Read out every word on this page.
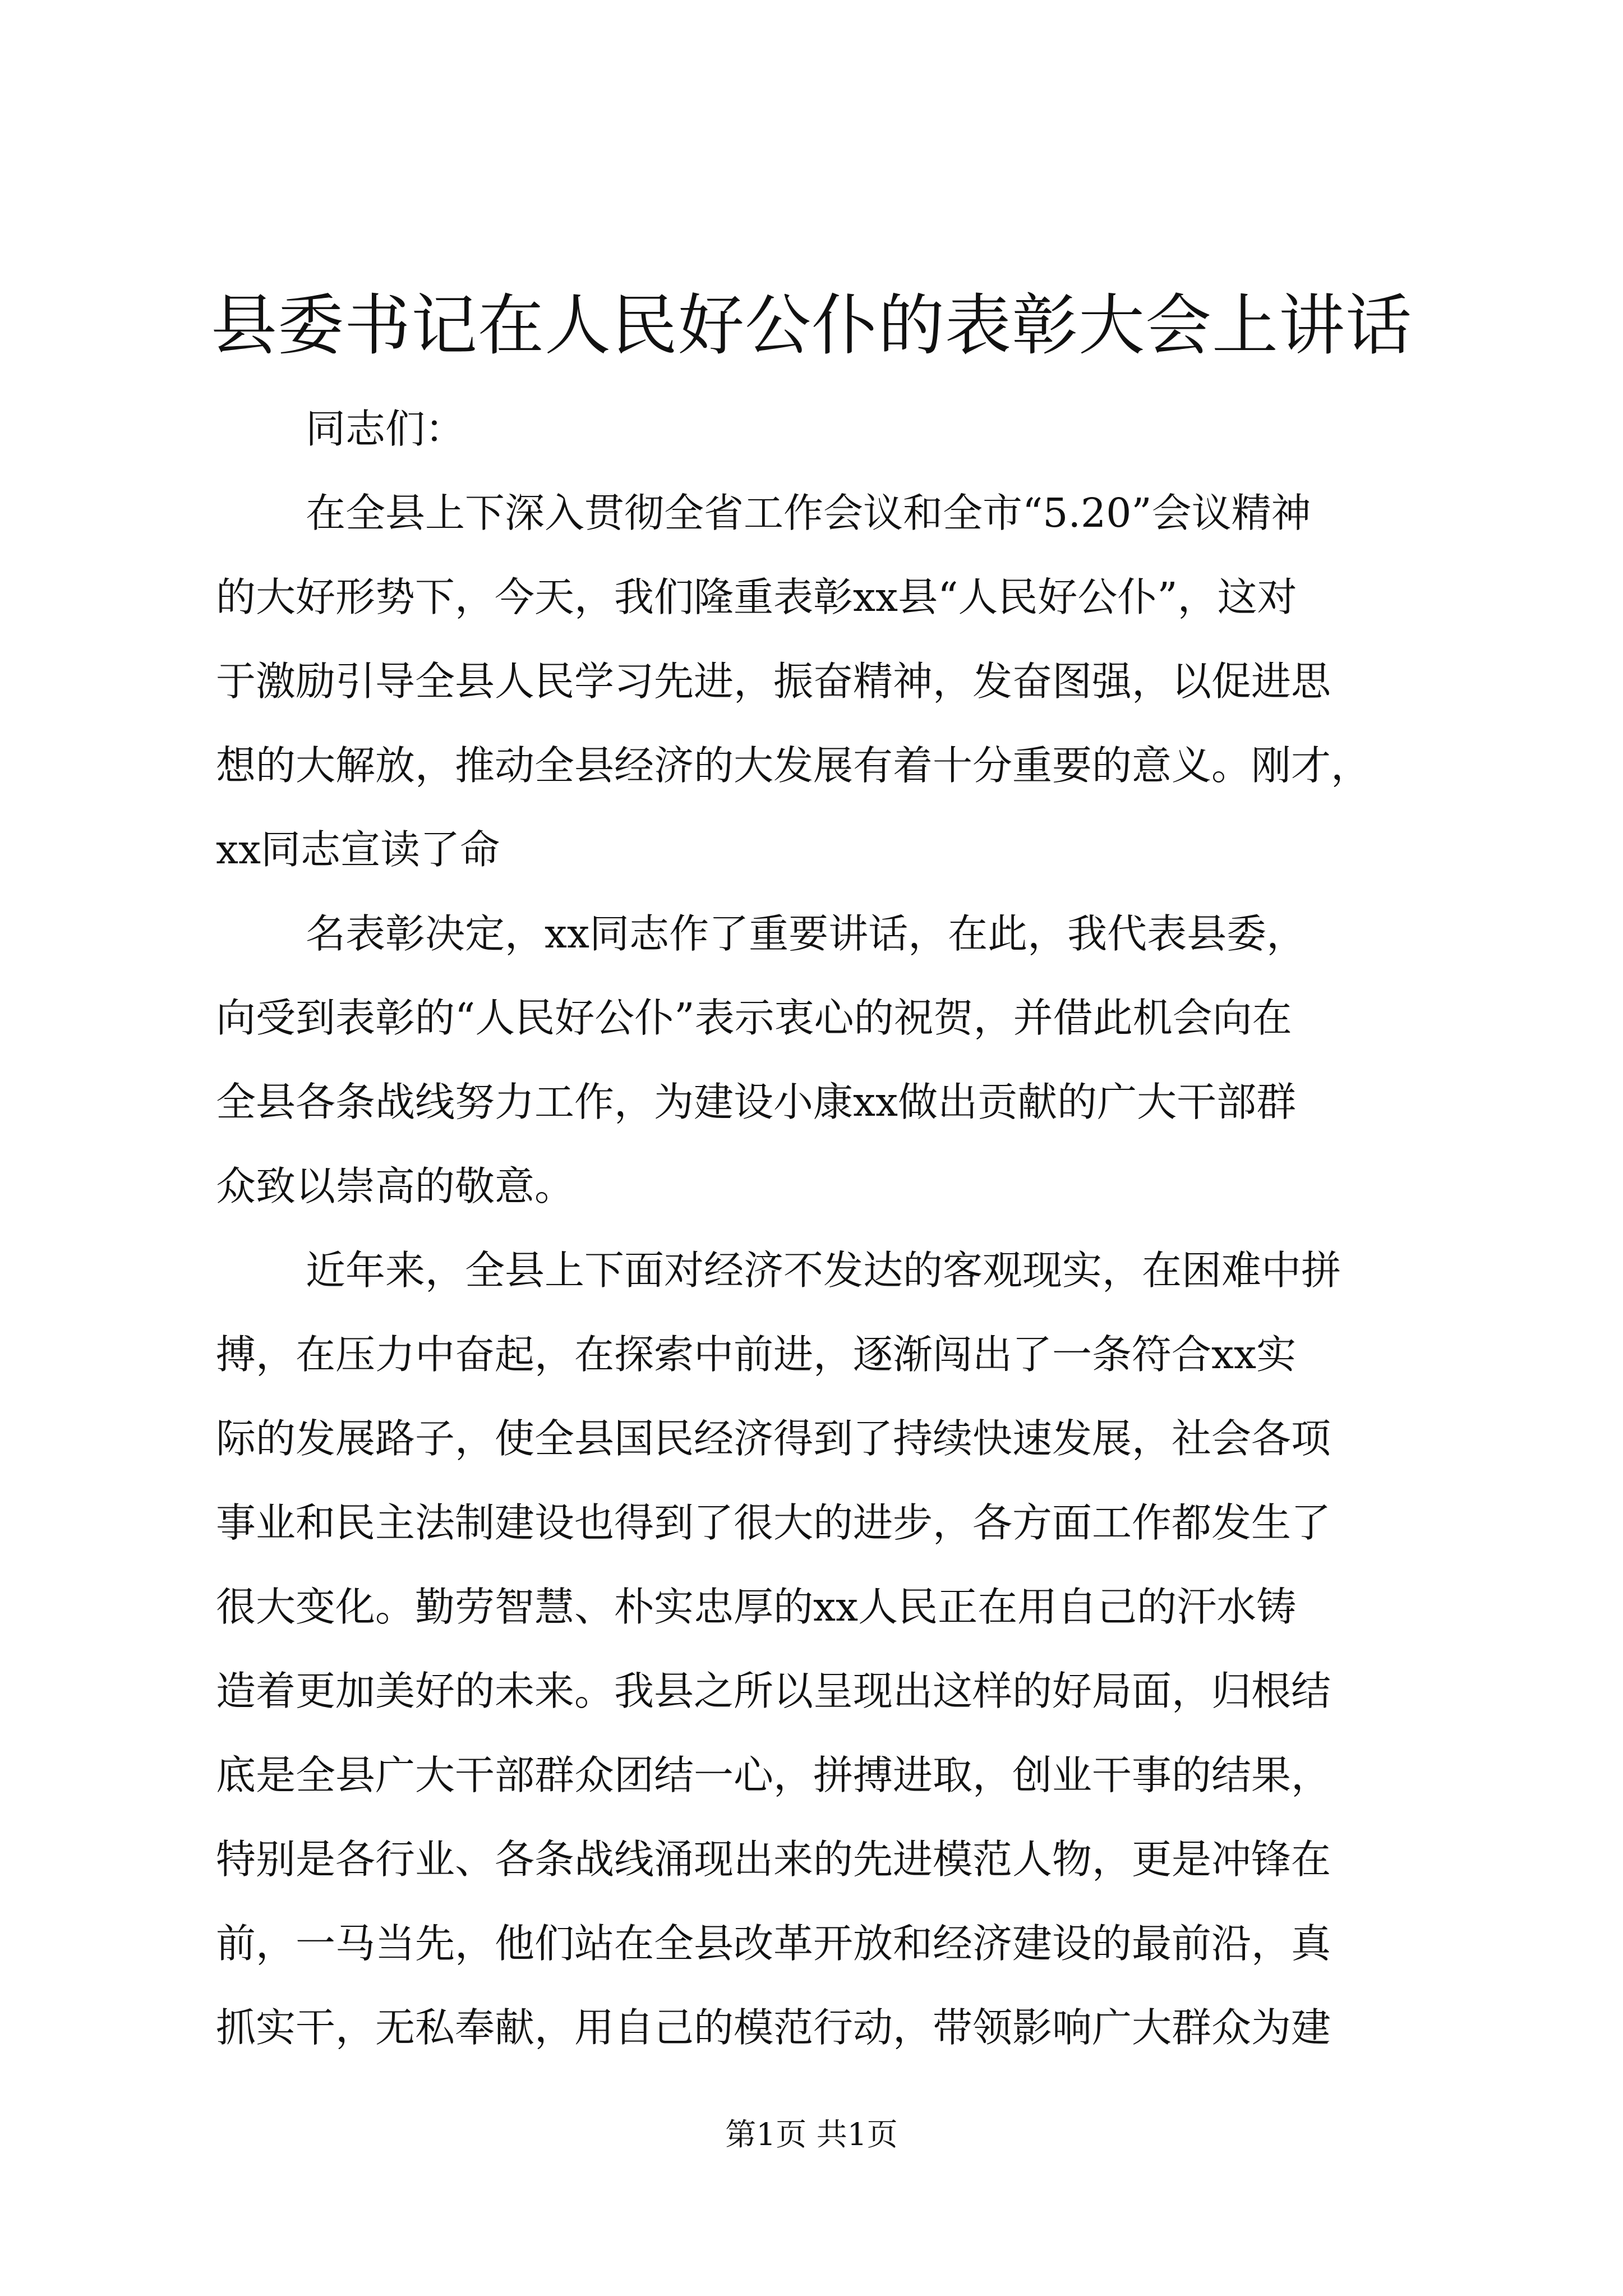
县委书记在人民好公仆的表彰大会上讲话
同志们：
在全县上下深入贯彻全省工作会议和全市“5.20”会议精神
的大好形势下，今天，我们隆重表彰xx县“人民好公仆”，这对
于激励引导全县人民学习先进，振奋精神，发奋图强，以促进思
想的大解放，推动全县经济的大发展有着十分重要的意义。刚才，
xx同志宣读了命
名表彰决定，xx同志作了重要讲话，在此，我代表县委，
向受到表彰的“人民好公仆”表示衷心的祝贺，并借此机会向在
全县各条战线努力工作，为建设小康xx做出贡献的广大干部群
众致以崇高的敬意。
近年来，全县上下面对经济不发达的客观现实，在困难中拼
搏，在压力中奋起，在探索中前进，逐渐闯出了一条符合xx实
际的发展路子，使全县国民经济得到了持续快速发展，社会各项
事业和民主法制建设也得到了很大的进步，各方面工作都发生了
很大变化。勤劳智慧、朴实忠厚的xx人民正在用自己的汗水铸
造着更加美好的未来。我县之所以呈现出这样的好局面，归根结
底是全县广大干部群众团结一心，拼搏进取，创业干事的结果，
特别是各行业、各条战线涌现出来的先进模范人物，更是冲锋在
前，一马当先，他们站在全县改革开放和经济建设的最前沿，真
抓实干，无私奉献，用自己的模范行动，带领影响广大群众为建
第1页 共1页
